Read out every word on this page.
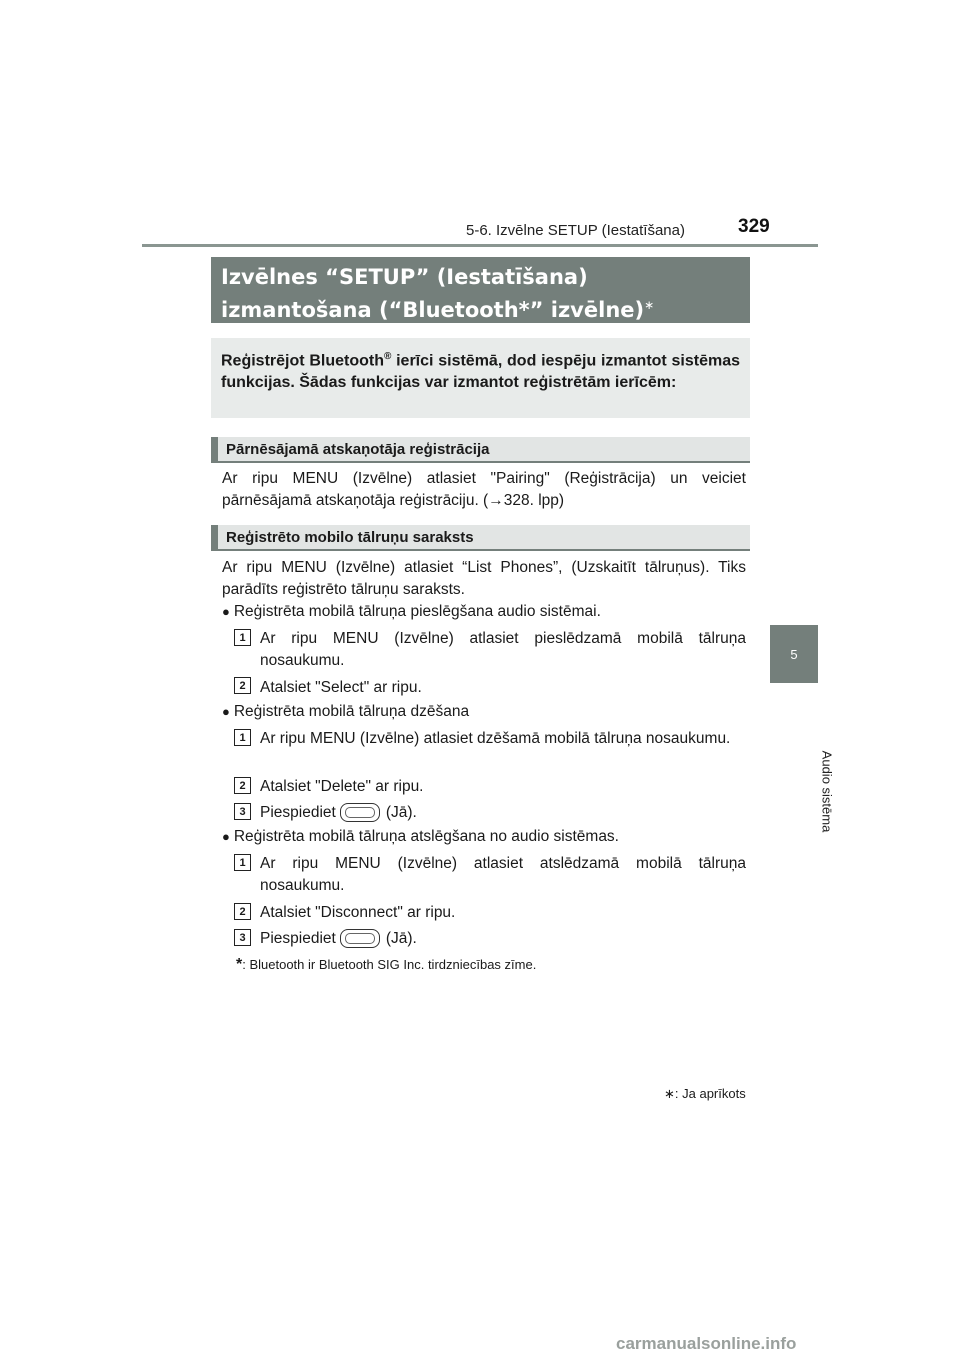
5-6. Izvēlne SETUP (Iestatīšana)	329
5
Audio sistēma
Izvēlnes “SETUP” (Iestatīšana)
izmantošana (“Bluetooth*” izvēlne)∗
Reģistrējot Bluetooth® ierīci sistēmā, dod iespēju izmantot sistēmas funkcijas. Šādas funkcijas var izmantot reģistrētām ierīcēm:
Pārnēsājamā atskaņotāja reģistrācija
Ar ripu MENU (Izvēlne) atlasiet "Pairing" (Reģistrācija) un veiciet pārnēsājamā atskaņotāja reģistrāciju. (→328. lpp)
Reģistrēto mobilo tālruņu saraksts
Ar ripu MENU (Izvēlne) atlasiet “List Phones”, (Uzskaitīt tālruņus). Tiks parādīts reģistrēto tālruņu saraksts.
● Reģistrēta mobilā tālruņa pieslēgšana audio sistēmai.
1 Ar ripu MENU (Izvēlne) atlasiet pieslēdzamā mobilā tālruņa nosaukumu.
2 Atalsiet "Select" ar ripu.
● Reģistrēta mobilā tālruņa dzēšana
1 Ar ripu MENU (Izvēlne) atlasiet dzēšamā mobilā tālruņa nosaukumu.
2 Atalsiet "Delete" ar ripu.
3 Piespiediet	(Jā).
● Reģistrēta mobilā tālruņa atslēgšana no audio sistēmas.
1 Ar ripu MENU (Izvēlne) atlasiet atslēdzamā mobilā tālruņa nosaukumu.
2 Atalsiet "Disconnect" ar ripu.
3 Piespiediet	(Jā).
*: Bluetooth ir Bluetooth SIG Inc. tirdzniecības zīme.
∗: Ja aprīkots
carmanualsonline.info
